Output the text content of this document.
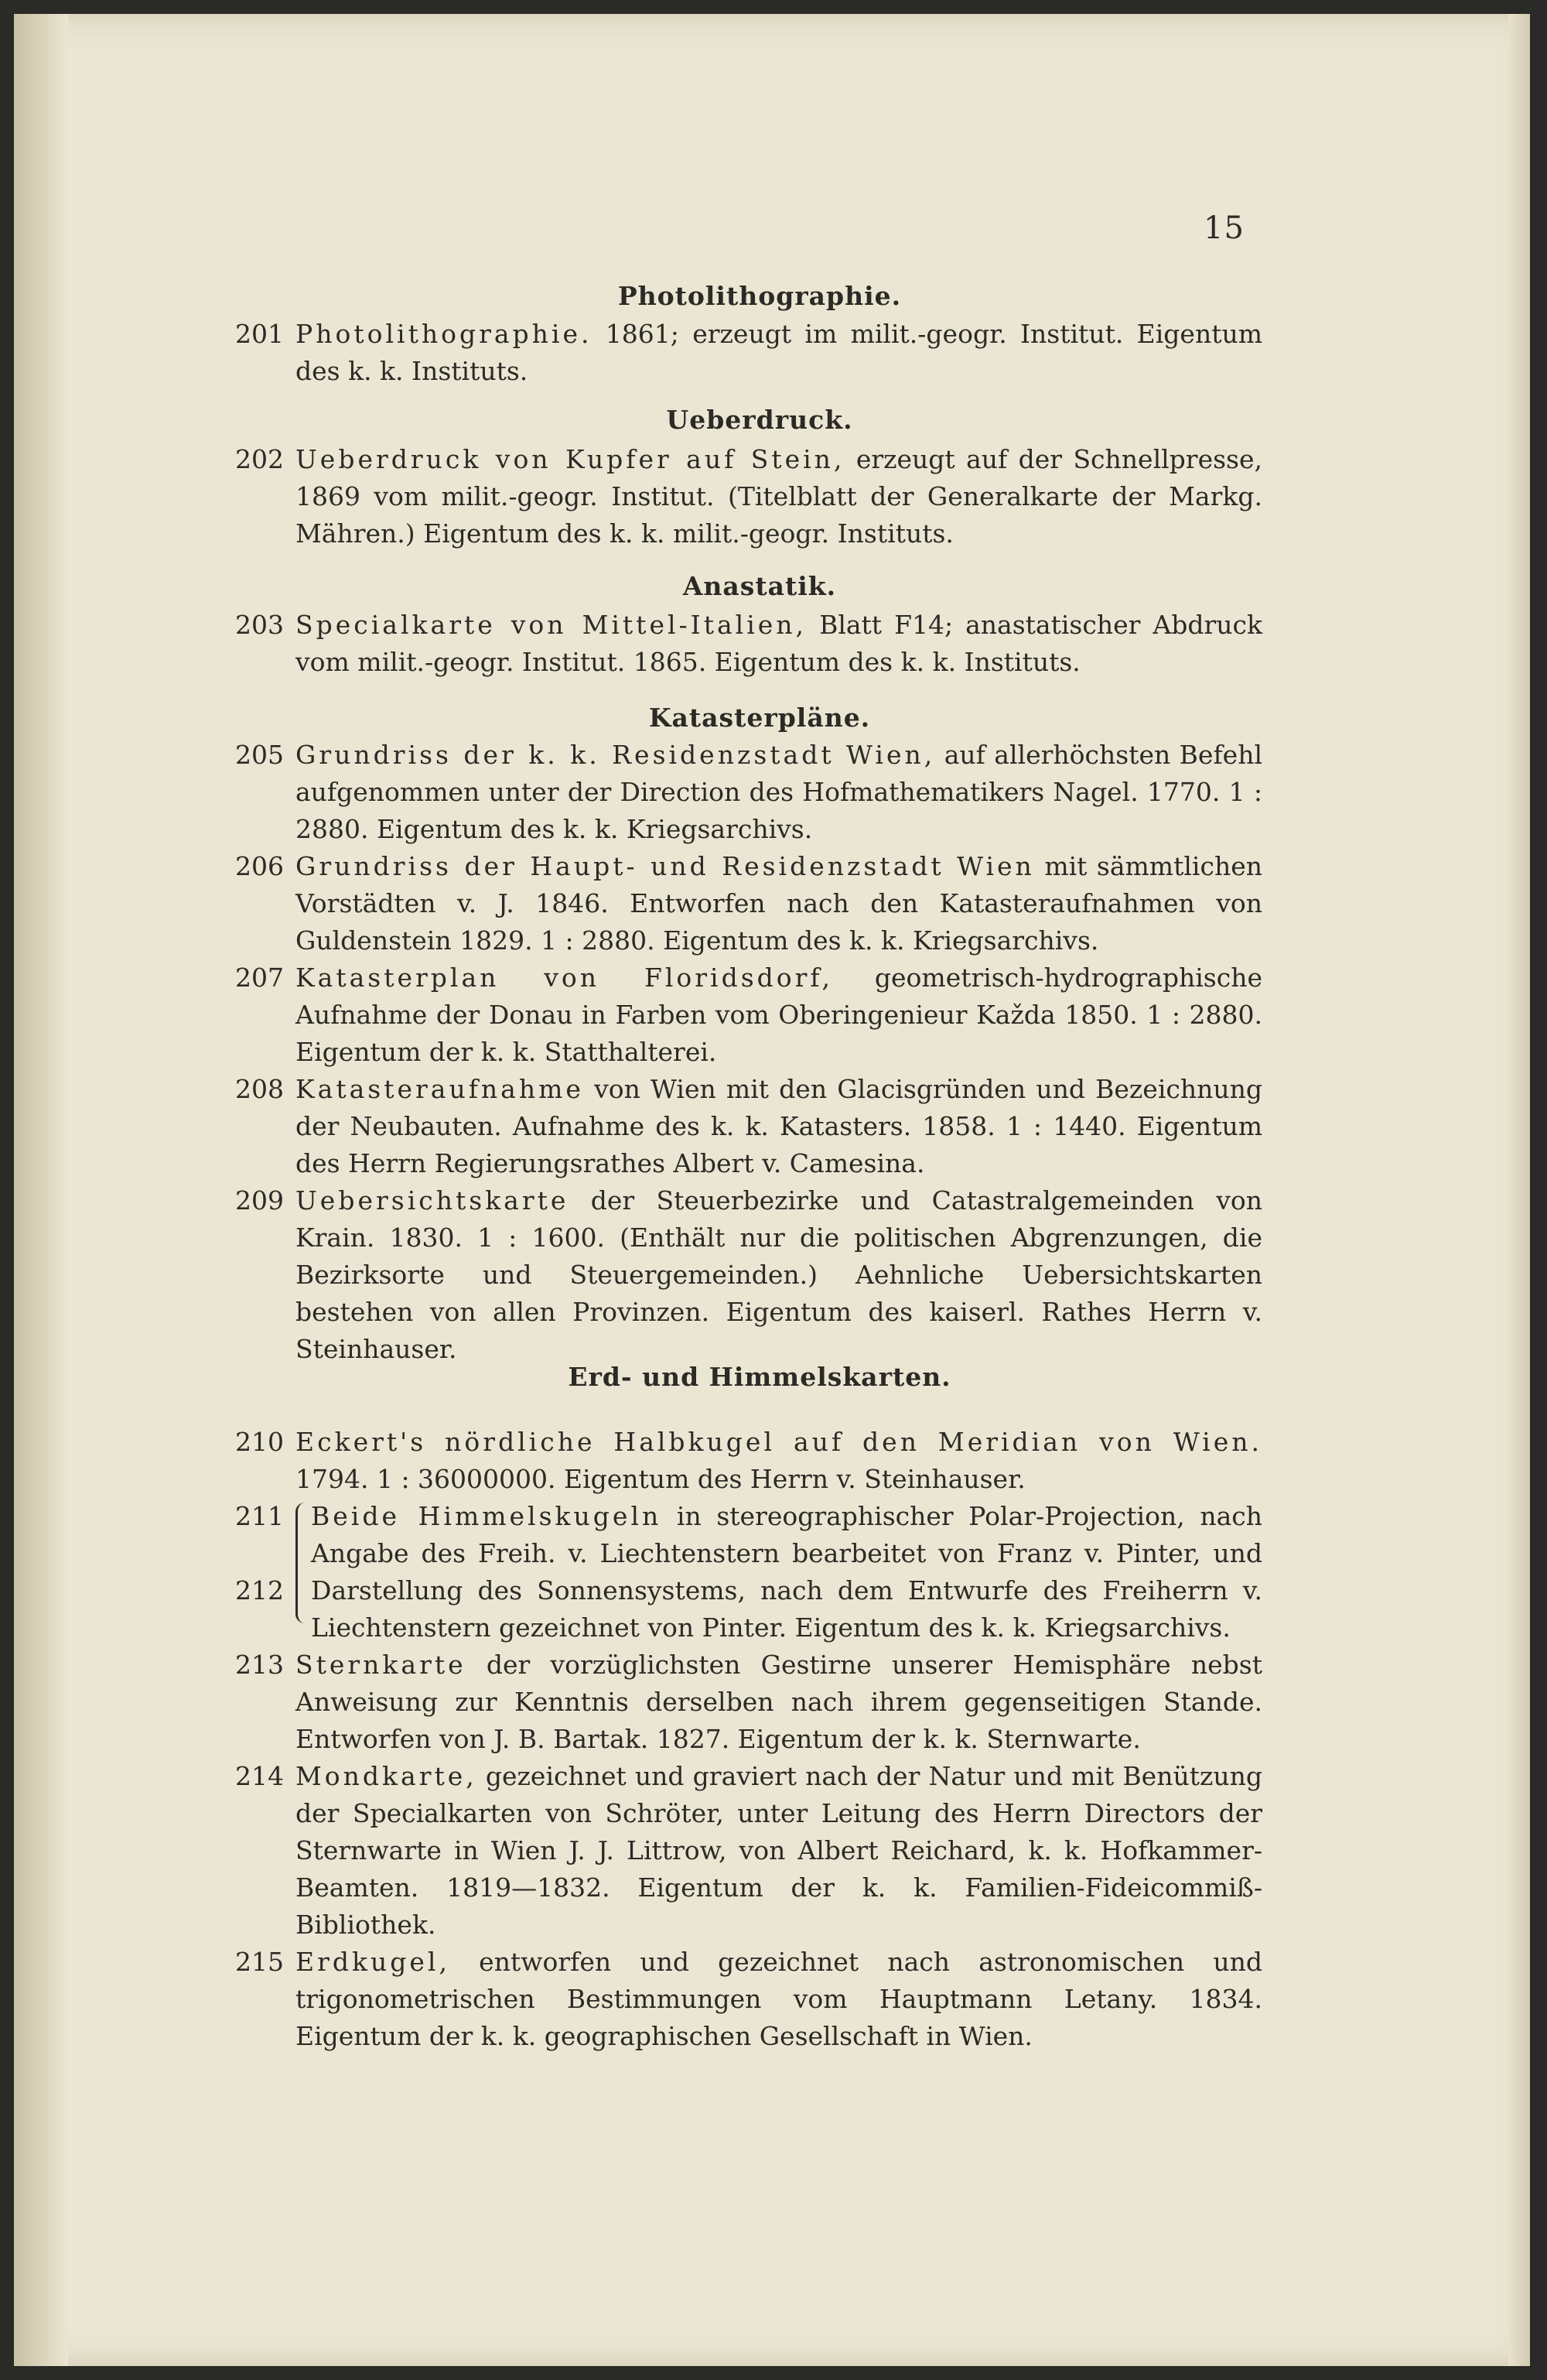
15
Photolithographie.
201 Photolithographie. 1861; erzeugt im milit.-geogr. Institut. Eigentum des k. k. Instituts.
Ueberdruck.
202 Ueberdruck von Kupfer auf Stein, erzeugt auf der Schnellpresse, 1869 vom milit.-geogr. Institut. (Titelblatt der Generalkarte der Markg. Mähren.) Eigentum des k. k. milit.-geogr. Instituts.
Anastatik.
203 Specialkarte von Mittel-Italien, Blatt F14; anastatischer Abdruck vom milit.-geogr. Institut. 1865. Eigentum des k. k. Instituts.
Katasterpläne.
205 Grundriss der k. k. Residenzstadt Wien, auf allerhöchsten Befehl aufgenommen unter der Direction des Hofmathematikers Nagel. 1770. 1 : 2880. Eigentum des k. k. Kriegsarchivs.
206 Grundriss der Haupt- und Residenzstadt Wien mit sämmtlichen Vorstädten v. J. 1846. Entworfen nach den Katasteraufnahmen von Guldenstein 1829. 1 : 2880. Eigentum des k. k. Kriegsarchivs.
207 Katasterplan von Floridsdorf, geometrisch-hydrographische Aufnahme der Donau in Farben vom Oberingenieur Každa 1850. 1 : 2880. Eigentum der k. k. Statthalterei.
208 Katasteraufnahme von Wien mit den Glacisgründen und Bezeichnung der Neubauten. Aufnahme des k. k. Katasters. 1858. 1 : 1440. Eigentum des Herrn Regierungsrathes Albert v. Camesina.
209 Uebersichtskarte der Steuerbezirke und Catastralgemeinden von Krain. 1830. 1 : 1600. (Enthält nur die politischen Abgrenzungen, die Bezirksorte und Steuergemeinden.) Aehnliche Uebersichtskarten bestehen von allen Provinzen. Eigentum des kaiserl. Rathes Herrn v. Steinhauser.
Erd- und Himmelskarten.
210 Eckert's nördliche Halbkugel auf den Meridian von Wien. 1794. 1 : 36000000. Eigentum des Herrn v. Steinhauser.
211
212
Beide Himmelskugeln in stereographischer Polar-Projection, nach Angabe des Freih. v. Liechtenstern bearbeitet von Franz v. Pinter, und Darstellung des Sonnensystems, nach dem Entwurfe des Freiherrn v. Liechtenstern gezeichnet von Pinter. Eigentum des k. k. Kriegsarchivs.
213 Sternkarte der vorzüglichsten Gestirne unserer Hemisphäre nebst Anweisung zur Kenntnis derselben nach ihrem gegenseitigen Stande. Entworfen von J. B. Bartak. 1827. Eigentum der k. k. Sternwarte.
214 Mondkarte, gezeichnet und graviert nach der Natur und mit Benützung der Specialkarten von Schröter, unter Leitung des Herrn Directors der Sternwarte in Wien J. J. Littrow, von Albert Reichard, k. k. Hofkammer-Beamten. 1819—1832. Eigentum der k. k. Familien-Fideicommiß-Bibliothek.
215 Erdkugel, entworfen und gezeichnet nach astronomischen und trigonometrischen Bestimmungen vom Hauptmann Letany. 1834. Eigentum der k. k. geographischen Gesellschaft in Wien.
